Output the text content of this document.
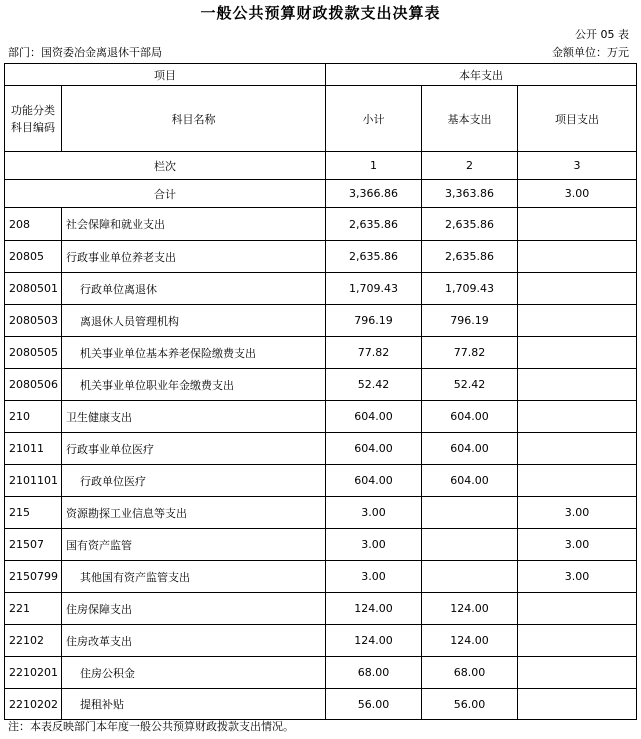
一般公共预算财政拨款支出决算表
公开 05 表
部门：国资委冶金离退休干部局	金额单位：万元
项目		本年支出		
功能分类科目编码	科目名称	小计	基本支出	项目支出
栏次		1	2	3
合计		3,366.86	3,363.86	3.00
208	社会保障和就业支出	2,635.86	2,635.86	
20805	行政事业单位养老支出	2,635.86	2,635.86	
2080501	行政单位离退休	1,709.43	1,709.43	
2080503	离退休人员管理机构	796.19	796.19	
2080505	机关事业单位基本养老保险缴费支出	77.82	77.82	
2080506	机关事业单位职业年金缴费支出	52.42	52.42	
210	卫生健康支出	604.00	604.00	
21011	行政事业单位医疗	604.00	604.00	
2101101	行政单位医疗	604.00	604.00	
215	资源勘探工业信息等支出	3.00		3.00
21507	国有资产监管	3.00		3.00
2150799	其他国有资产监管支出	3.00		3.00
221	住房保障支出	124.00	124.00	
22102	住房改革支出	124.00	124.00	
2210201	住房公积金	68.00	68.00	
2210202	提租补贴	56.00	56.00	
注：本表反映部门本年度一般公共预算财政拨款支出情况。
